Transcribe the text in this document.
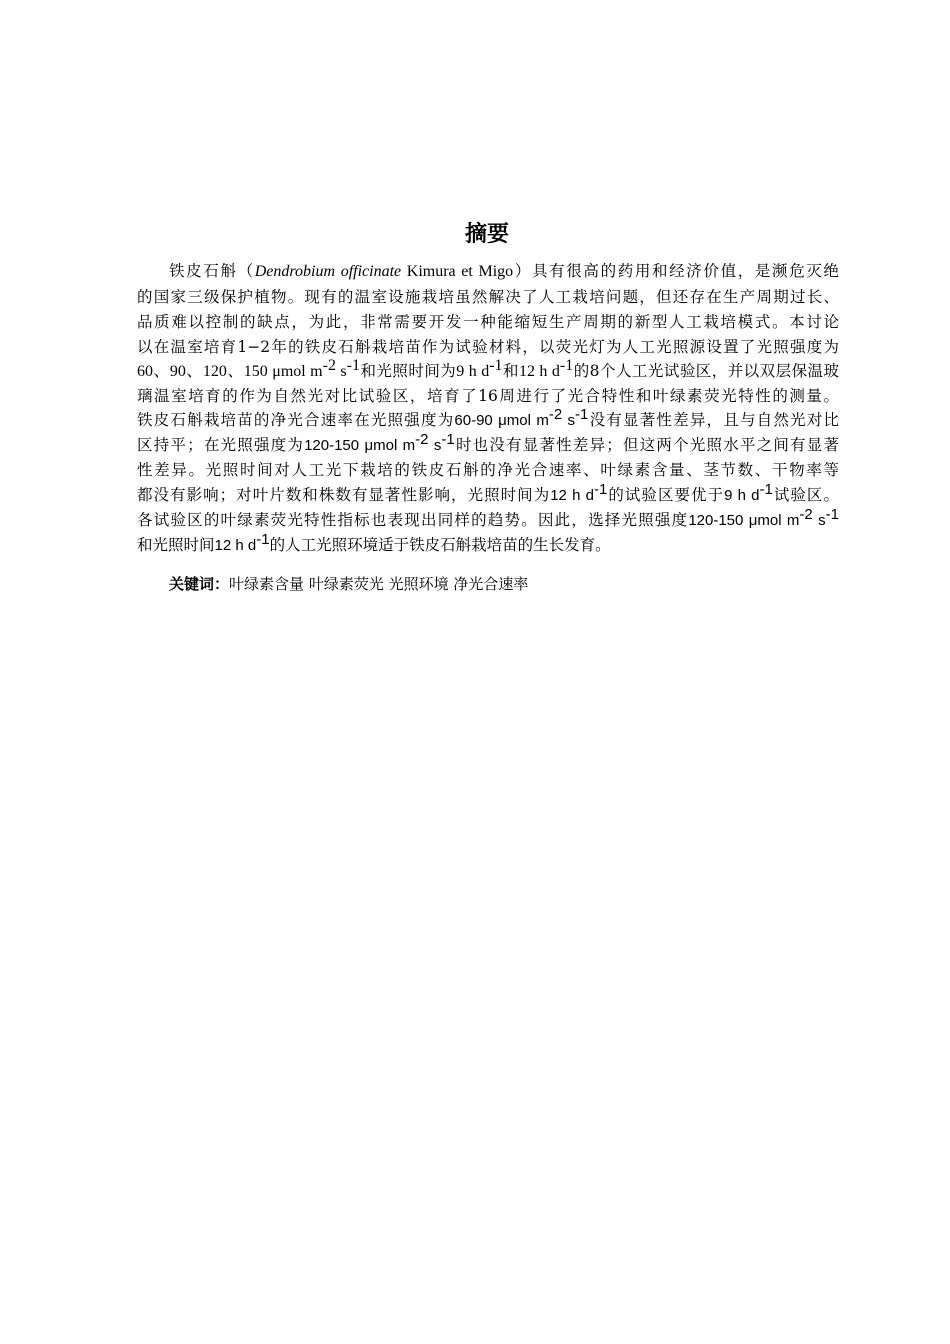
摘要
铁皮石斛（Dendrobium officinate Kimura et Migo）具有很高的药用和经济价值，是濒危灭绝
的国家三级保护植物。现有的温室设施栽培虽然解决了人工栽培问题，但还存在生产周期过长、
品质难以控制的缺点，为此，非常需要开发一种能缩短生产周期的新型人工栽培模式。本讨论
以在温室培育1−2年的铁皮石斛栽培苗作为试验材料，以荧光灯为人工光照源设置了光照强度为
60、90、120、150 μmol $m^{-2}$ $s^{-1}$和光照时间为9 h $d^{-1}$和12 h $d^{-1}$的8个人工光试验区，并以双层保温玻
璃温室培育的作为自然光对比试验区，培育了16周进行了光合特性和叶绿素荧光特性的测量。
铁皮石斛栽培苗的净光合速率在光照强度为60-90 μmol $m^{-2}$ $s^{-1}$没有显著性差异，且与自然光对比
区持平；在光照强度为120-150 μmol $m^{-2}$ $s^{-1}$时也没有显著性差异；但这两个光照水平之间有显著
性差异。光照时间对人工光下栽培的铁皮石斛的净光合速率、叶绿素含量、茎节数、干物率等
都没有影响；对叶片数和株数有显著性影响，光照时间为12 h $d^{-1}$的试验区要优于9 h $d^{-1}$试验区。
各试验区的叶绿素荧光特性指标也表现出同样的趋势。因此，选择光照强度120-150 μmol $m^{-2}$ $s^{-1}$
和光照时间12 h $d^{-1}$的人工光照环境适于铁皮石斛栽培苗的生长发育。
关键词：叶绿素含量 叶绿素荧光 光照环境 净光合速率
